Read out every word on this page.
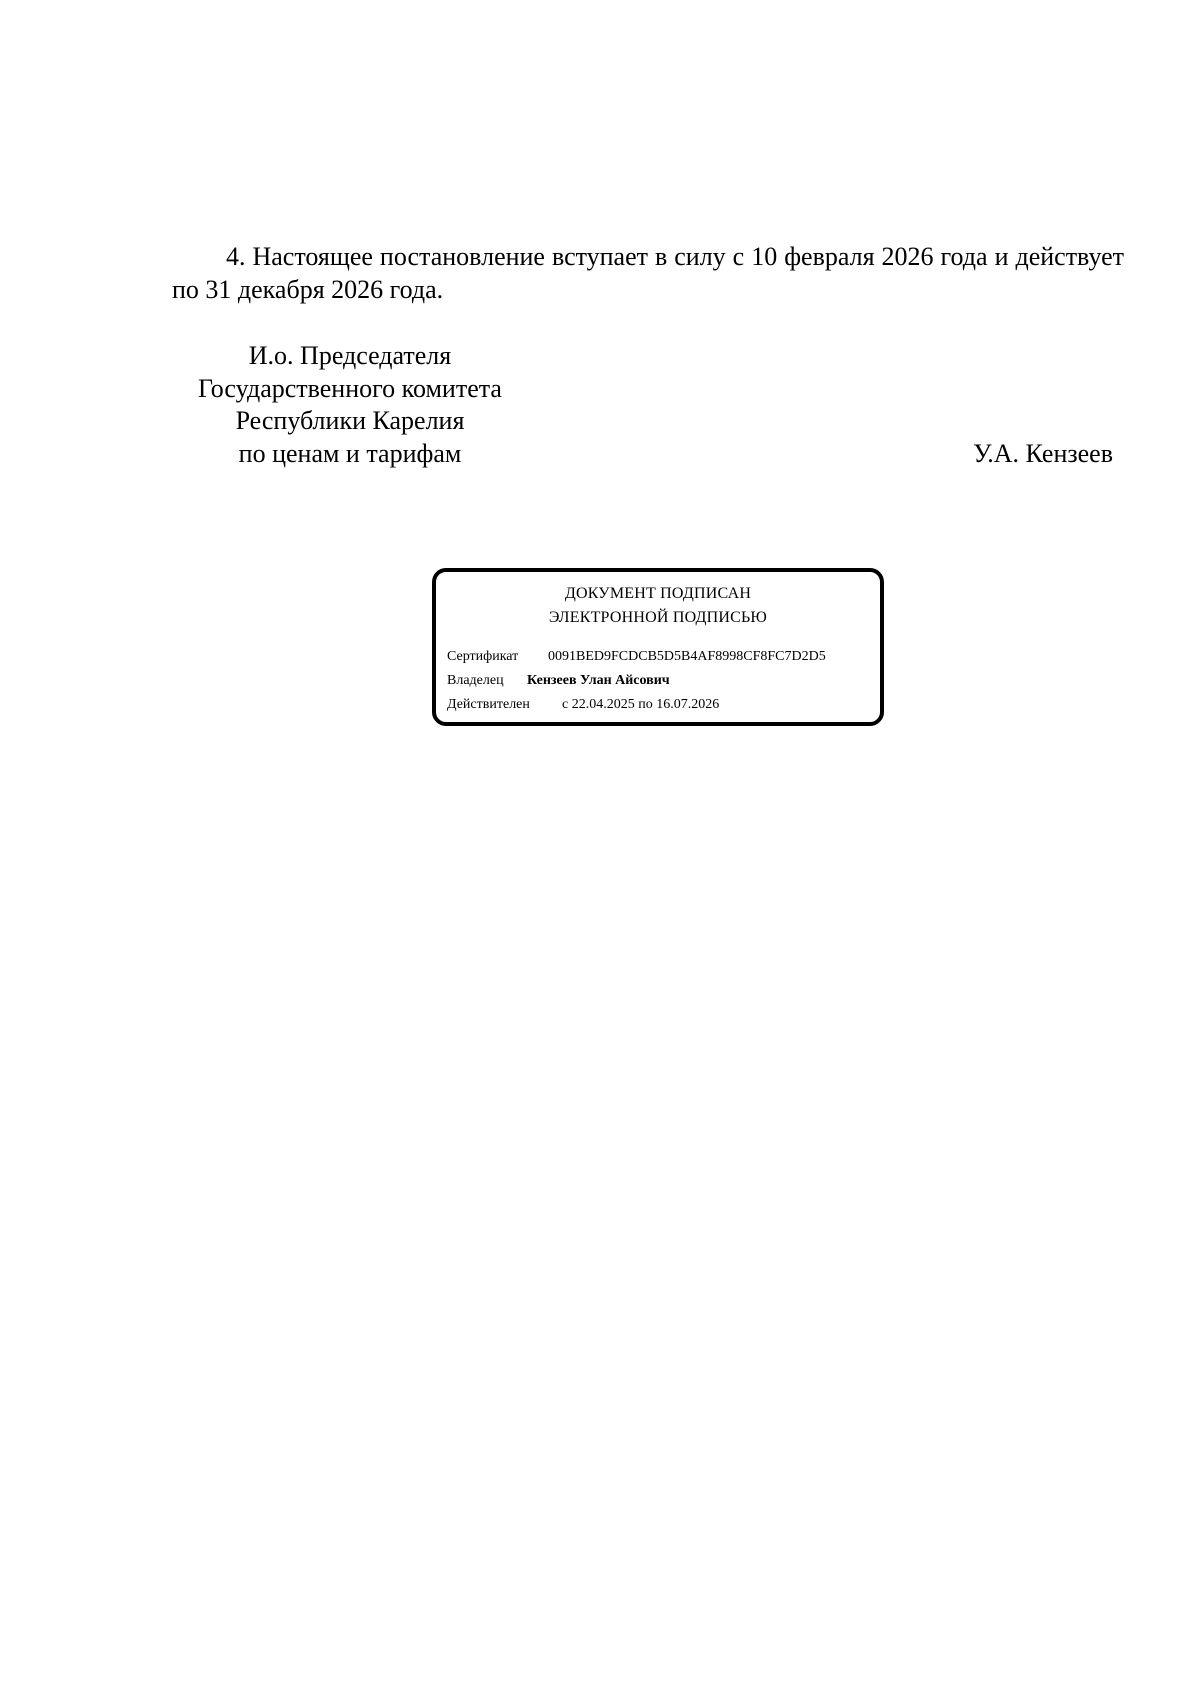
4. Настоящее постановление вступает в силу с 10 февраля 2026 года и действует по 31 декабря 2026 года.

И.о. Председателя
Государственного комитета
Республики Карелия
по ценам и тарифам	У.А. Кензеев
ДОКУМЕНТ ПОДПИСАН
ЭЛЕКТРОННОЙ ПОДПИСЬЮ
Сертификат 0091BED9FCDCB5D5B4AF8998CF8FC7D2D5
Владелец Кензеев Улан Айсович
Действителен с 22.04.2025 по 16.07.2026
